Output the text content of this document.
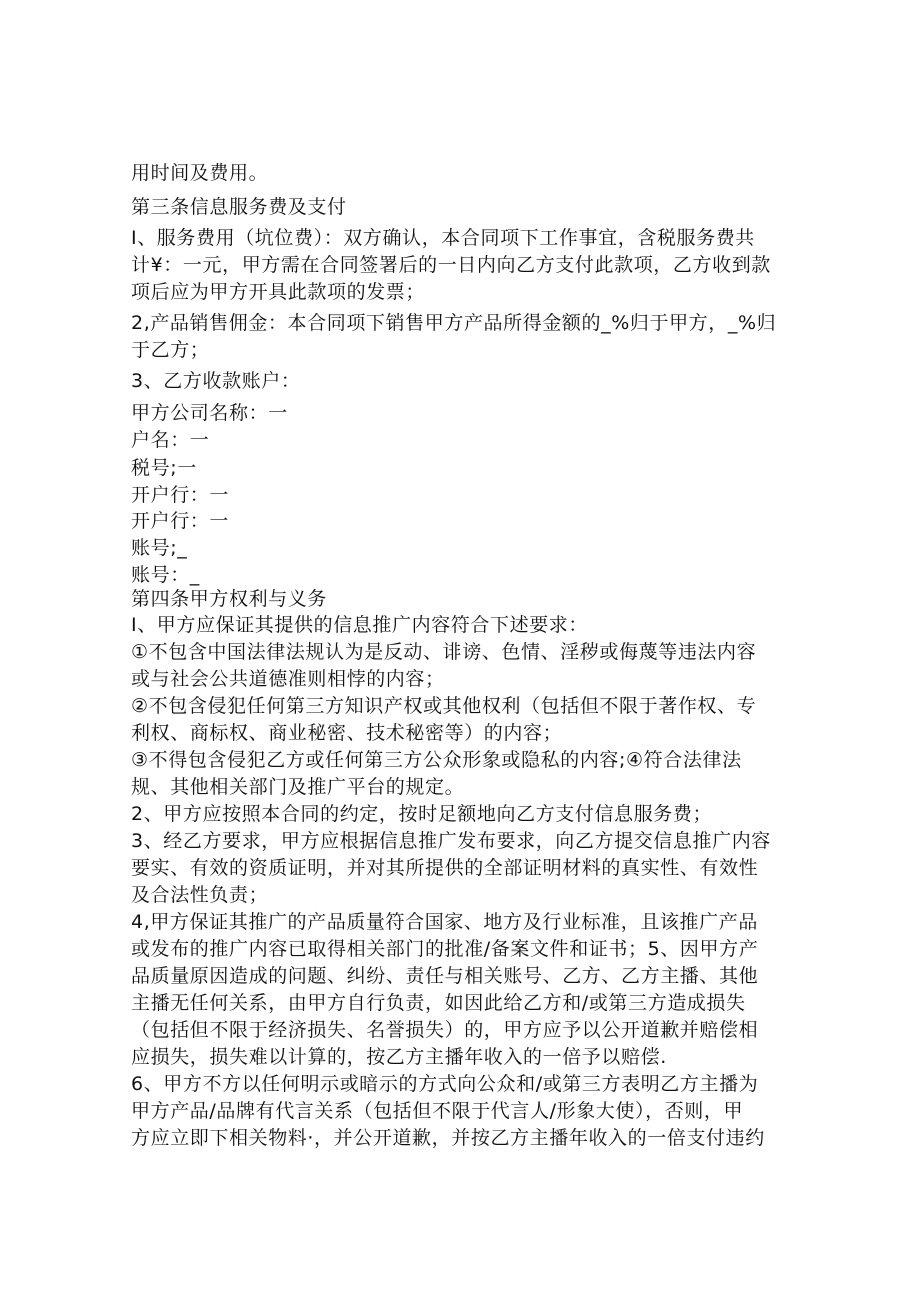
用时间及费用。

第三条信息服务费及支付

I、服务费用（坑位费）：双方确认，本合同项下工作事宜，含税服务费共

计¥：一元，甲方需在合同签署后的一日内向乙方支付此款项，乙方收到款

项后应为甲方开具此款项的发票；

2,产品销售佣金：本合同项下销售甲方产品所得金额的_%归于甲方，_%归

于乙方；

3、乙方收款账户：

甲方公司名称：一

户名：一

税号;一

开户行：一

开户行：一

账号;_

账号：_

第四条甲方权利与义务

I、甲方应保证其提供的信息推广内容符合下述要求：

①不包含中国法律法规认为是反动、诽谤、色情、淫秽或侮蔑等违法内容

或与社会公共道德准则相悖的内容；

②不包含侵犯任何第三方知识产权或其他权利（包括但不限于著作权、专

利权、商标权、商业秘密、技术秘密等）的内容；

③不得包含侵犯乙方或任何第三方公众形象或隐私的内容;④符合法律法

规、其他相关部门及推广平台的规定。

2、甲方应按照本合同的约定，按时足额地向乙方支付信息服务费；

3、经乙方要求，甲方应根据信息推广发布要求，向乙方提交信息推广内容

要实、有效的资质证明，并对其所提供的全部证明材料的真实性、有效性

及合法性负责；

4,甲方保证其推广的产品质量符合国家、地方及行业标准，且该推广产品

或发布的推广内容已取得相关部门的批准/备案文件和证书；5、因甲方产

品质量原因造成的问题、纠纷、责任与相关账号、乙方、乙方主播、其他

主播无任何关系，由甲方自行负责，如因此给乙方和/或第三方造成损失

（包括但不限于经济损失、名誉损失）的，甲方应予以公开道歉并赔偿相

应损失，损失难以计算的，按乙方主播年收入的一倍予以赔偿.

6、甲方不方以任何明示或暗示的方式向公众和/或第三方表明乙方主播为

甲方产品/品牌有代言关系（包括但不限于代言人/形象大使），否则，甲

方应立即下相关物料·，并公开道歉，并按乙方主播年收入的一倍支付违约
